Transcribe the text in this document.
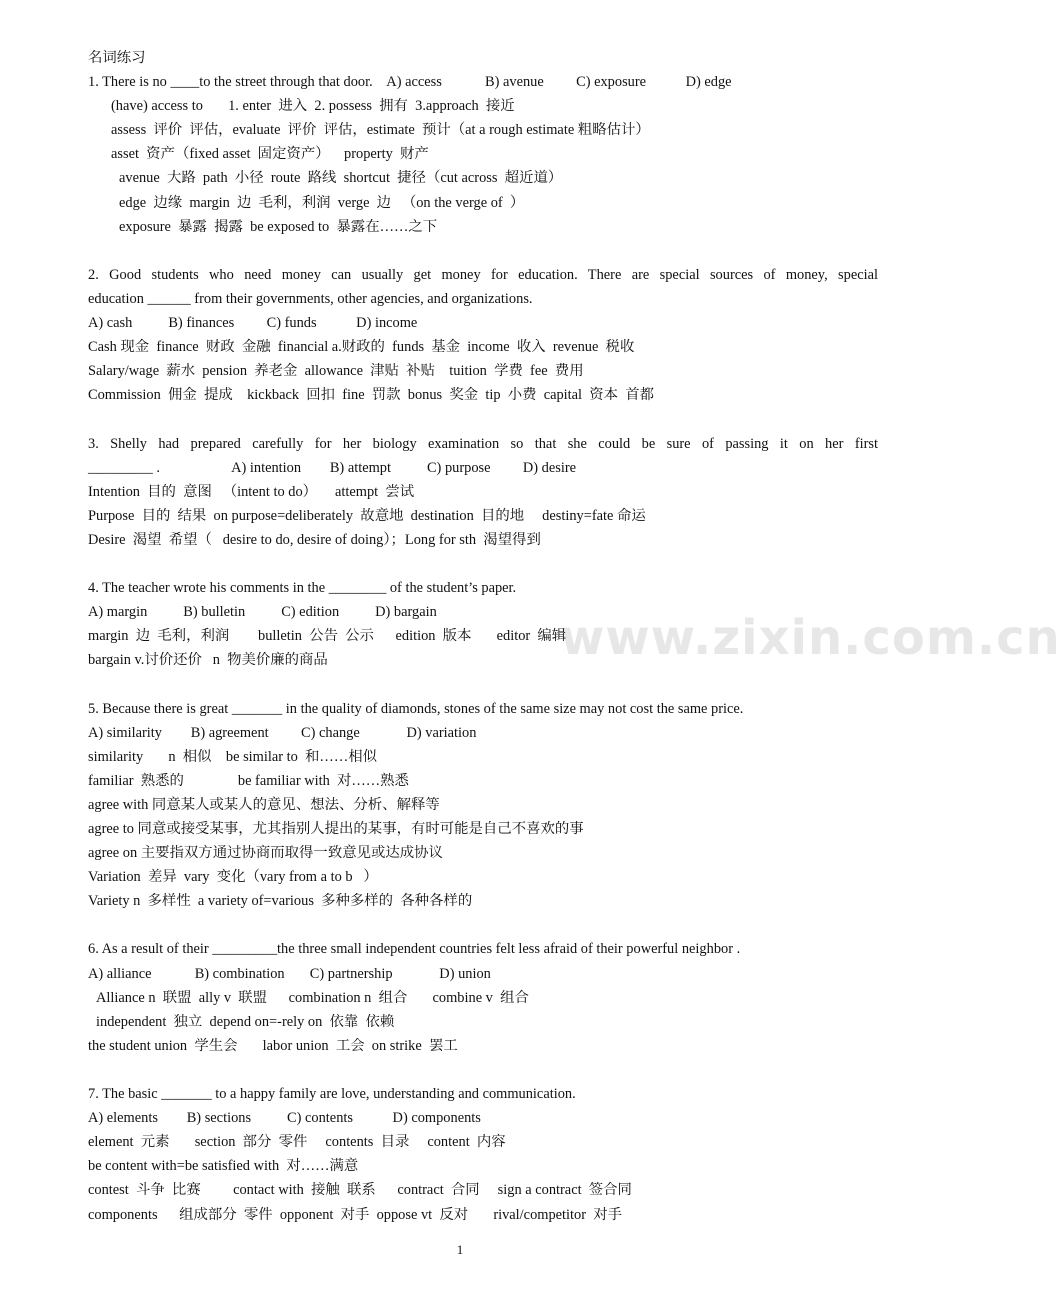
www.zixin.com.cn
名词练习
1. There is no ____to the street through that door.    A) access            B) avenue         C) exposure           D) edge
(have) access to       1. enter  进入  2. possess  拥有  3.approach  接近
assess  评价  评估，evaluate  评价  评估，estimate  预计（at a rough estimate 粗略估计）
asset  资产（fixed asset  固定资产）    property  财产
avenue  大路  path  小径  route  路线  shortcut  捷径（cut across  超近道）
edge  边缘  margin  边  毛利，利润  verge  边   （on the verge of  ）
exposure  暴露  揭露  be exposed to  暴露在……之下
2. Good students who need money can usually get money for education. There are special sources of money, special
education ______ from their governments, other agencies, and organizations.
A) cash          B) finances         C) funds           D) income
Cash 现金  finance  财政  金融  financial a.财政的  funds  基金  income  收入  revenue  税收
Salary/wage  薪水  pension  养老金  allowance  津贴  补贴    tuition  学费  fee  费用
Commission  佣金  提成    kickback  回扣  fine  罚款  bonus  奖金  tip  小费  capital  资本  首都
3. Shelly had prepared carefully for her biology examination so that she could be sure of passing it on her first
_________ .                    A) intention        B) attempt          C) purpose         D) desire
Intention  目的  意图   （intent to do）     attempt  尝试
Purpose  目的  结果  on purpose=deliberately  故意地  destination  目的地     destiny=fate 命运
Desire  渴望  希望（   desire to do, desire of doing）；Long for sth  渴望得到
4. The teacher wrote his comments in the ________ of the student’s paper.
A) margin          B) bulletin          C) edition          D) bargain
margin  边  毛利，利润        bulletin  公告  公示      edition  版本       editor  编辑
bargain v.讨价还价   n  物美价廉的商品
5. Because there is great _______ in the quality of diamonds, stones of the same size may not cost the same price.
A) similarity        B) agreement         C) change             D) variation
similarity       n  相似    be similar to  和……相似
familiar  熟悉的               be familiar with  对……熟悉
agree with 同意某人或某人的意见、想法、分析、解释等
agree to 同意或接受某事，尤其指别人提出的某事，有时可能是自己不喜欢的事
agree on 主要指双方通过协商而取得一致意见或达成协议
Variation  差异  vary  变化（vary from a to b   ）
Variety n  多样性  a variety of=various  多种多样的  各种各样的
6. As a result of their _________the three small independent countries felt less afraid of their powerful neighbor .
A) alliance            B) combination       C) partnership             D) union
Alliance n  联盟  ally v  联盟      combination n  组合       combine v  组合
independent  独立  depend on=-rely on  依靠  依赖
the student union  学生会       labor union  工会  on strike  罢工
7. The basic _______ to a happy family are love, understanding and communication.
A) elements        B) sections          C) contents           D) components
element  元素       section  部分  零件     contents  目录     content  内容
be content with=be satisfied with  对……满意
contest  斗争  比赛         contact with  接触  联系      contract  合同     sign a contract  签合同
components      组成部分  零件  opponent  对手  oppose vt  反对       rival/competitor  对手
1
